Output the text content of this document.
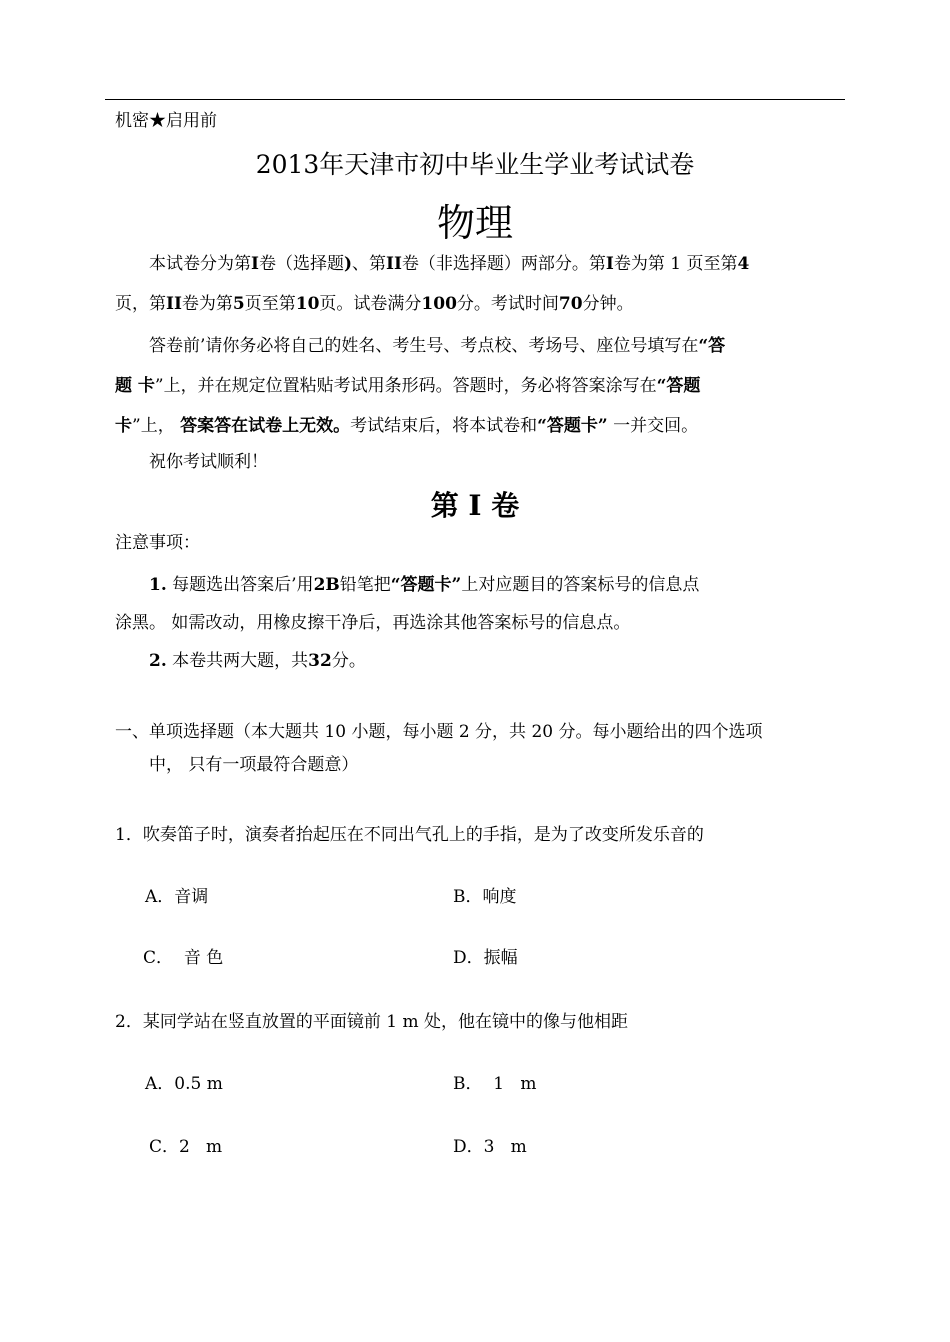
机密★启用前
2013年天津市初中毕业生学业考试试卷
物理
本试卷分为第I卷（选择题)、第II卷（非选择题）两部分。第I卷为第 1 页至第4
页，第II卷为第5页至第10页。试卷满分100分。考试时间70分钟。
答卷前’请你务必将自己的姓名、考生号、考点校、考场号、座位号填写在“答
题 卡”上，并在规定位置粘贴考试用条形码。答题时，务必将答案涂写在“答题
卡”上， 答案答在试卷上无效。考试结束后，将本试卷和“答题卡” 一并交回。
祝你考试顺利！
第 I 卷
注意事项：
1. 每题选出答案后’用2B铅笔把“答题卡”上对应题目的答案标号的信息点
涂黑。 如需改动，用橡皮擦干净后，再选涂其他答案标号的信息点。
2. 本卷共两大题，共32分。
一、单项选择题（本大题共 10 小题，每小题 2 分，共 20 分。每小题给出的四个选项
中， 只有一项最符合题意）
1．吹奏笛子时，演奏者抬起压在不同出气孔上的手指，是为了改变所发乐音的
A．音调	B．响度
C．  音 色	D．振幅
2．某同学站在竖直放置的平面镜前 1 m 处，他在镜中的像与他相距
A．0.5 m	B．  1   m
C．2   m	D．3   m
